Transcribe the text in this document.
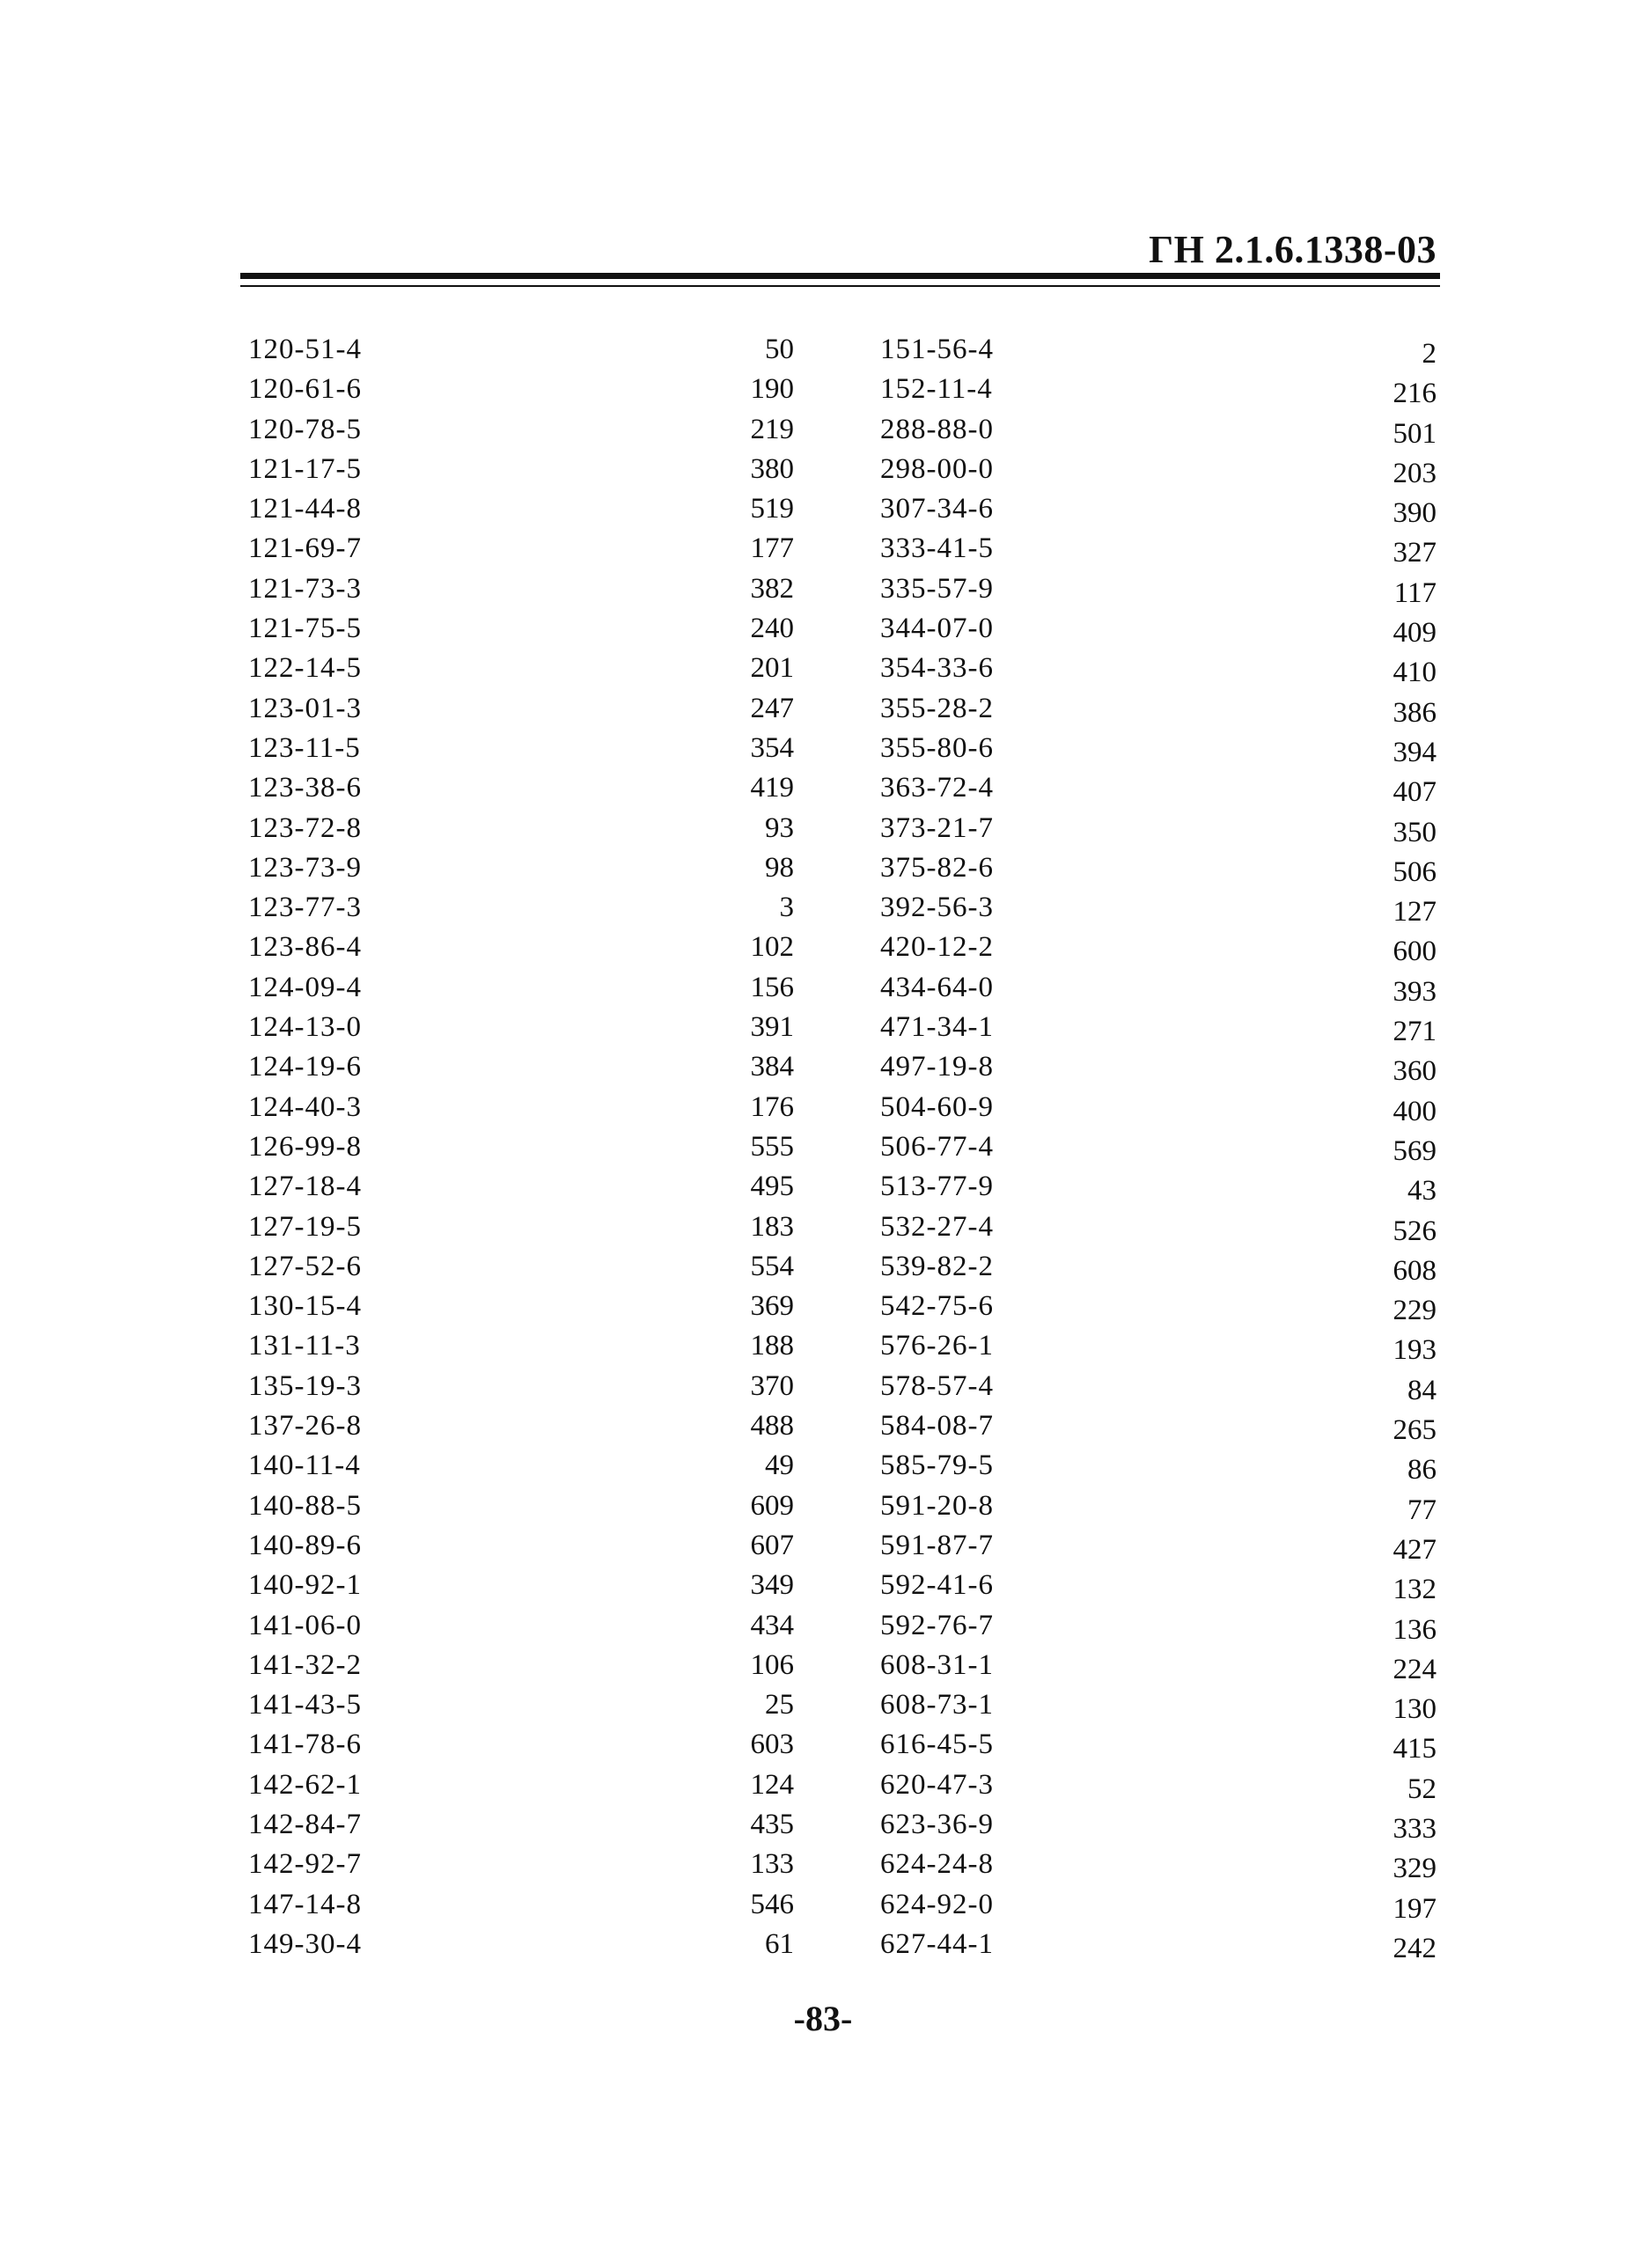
ГН 2.1.6.1338-03
120-51-4	50
120-61-6	190
120-78-5	219
121-17-5	380
121-44-8	519
121-69-7	177
121-73-3	382
121-75-5	240
122-14-5	201
123-01-3	247
123-11-5	354
123-38-6	419
123-72-8	93
123-73-9	98
123-77-3	3
123-86-4	102
124-09-4	156
124-13-0	391
124-19-6	384
124-40-3	176
126-99-8	555
127-18-4	495
127-19-5	183
127-52-6	554
130-15-4	369
131-11-3	188
135-19-3	370
137-26-8	488
140-11-4	49
140-88-5	609
140-89-6	607
140-92-1	349
141-06-0	434
141-32-2	106
141-43-5	25
141-78-6	603
142-62-1	124
142-84-7	435
142-92-7	133
147-14-8	546
149-30-4	61
151-56-4	2
152-11-4	216
288-88-0	501
298-00-0	203
307-34-6	390
333-41-5	327
335-57-9	117
344-07-0	409
354-33-6	410
355-28-2	386
355-80-6	394
363-72-4	407
373-21-7	350
375-82-6	506
392-56-3	127
420-12-2	600
434-64-0	393
471-34-1	271
497-19-8	360
504-60-9	400
506-77-4	569
513-77-9	43
532-27-4	526
539-82-2	608
542-75-6	229
576-26-1	193
578-57-4	84
584-08-7	265
585-79-5	86
591-20-8	77
591-87-7	427
592-41-6	132
592-76-7	136
608-31-1	224
608-73-1	130
616-45-5	415
620-47-3	52
623-36-9	333
624-24-8	329
624-92-0	197
627-44-1	242
-83-
